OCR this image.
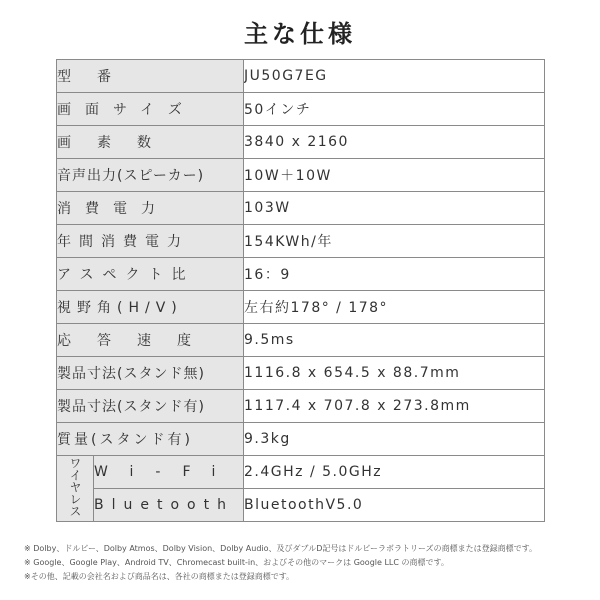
主な仕様
型番		JU50G7EG
画面サイズ		50インチ
画素数		3840 x 2160
音声出力(スピーカー)		10W＋10W
消費電力		103W
年間消費電力		154KWh/年
アスペクト比		16：9
視野角(H/V)		左右約178° / 178°
応答速度		9.5ms
製品寸法(スタンド無)		1116.8 x 654.5 x 88.7mm
製品寸法(スタンド有)		1117.4 x 707.8 x 273.8mm
質量(スタンド有)		9.3kg
ワイヤレス	Wi-Fi	2.4GHz / 5.0GHz
	Bluetooth	BluetoothV5.0
※ Dolby、ドルビー、Dolby Atmos、Dolby Vision、Dolby Audio、及びダブルD記号はドルビーラボラトリーズの商標または登録商標です。
※ Google、Google Play、Android TV、Chromecast built-in、およびその他のマークは Google LLC の商標です。
※その他、記載の会社名および商品名は、各社の商標または登録商標です。
